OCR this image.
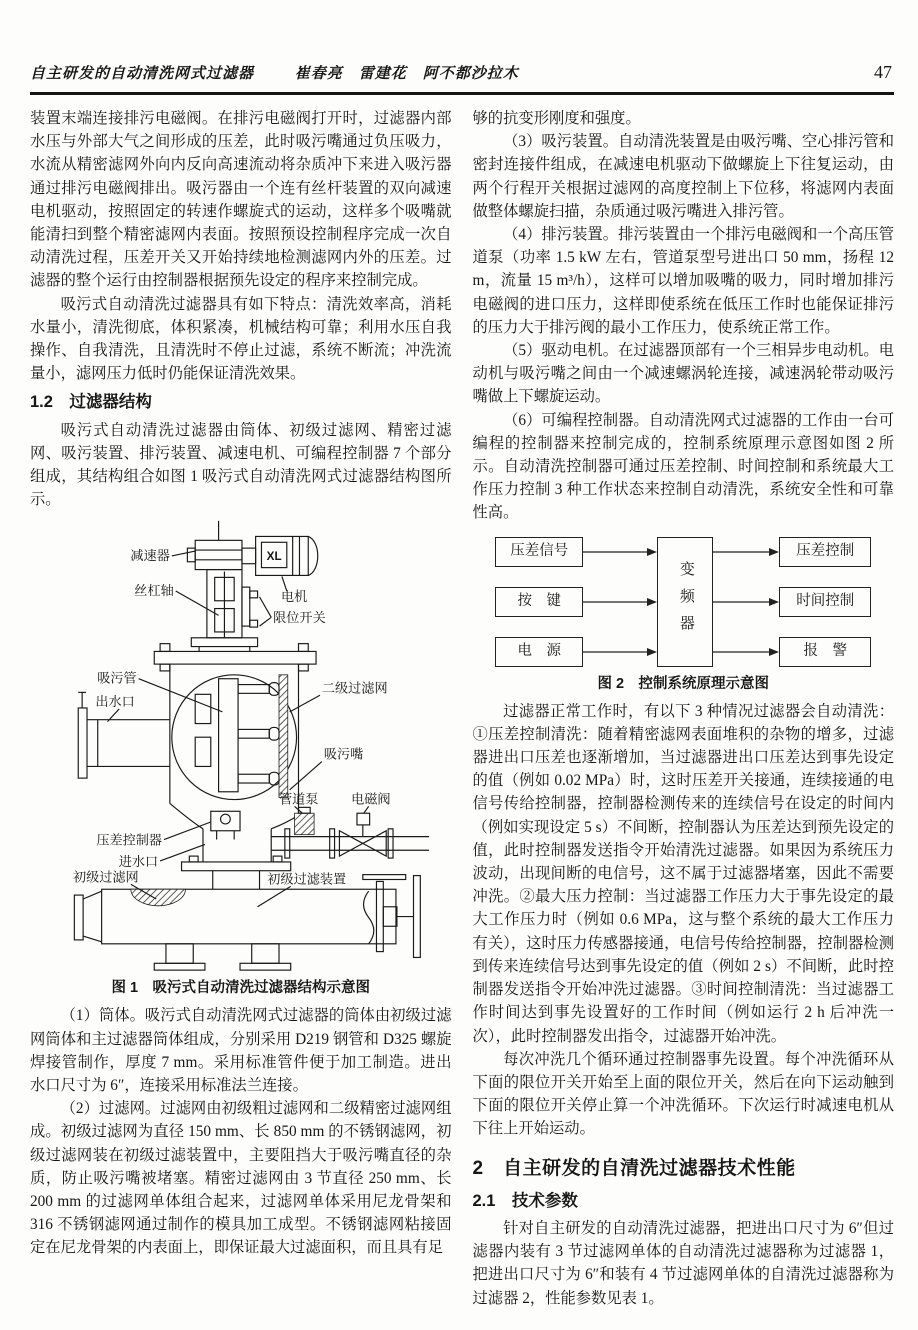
自主研发的自动清洗网式过滤器	崔春亮　雷建花　阿不都沙拉木	47

装置末端连接排污电磁阀。在排污电磁阀打开时，过滤器内部水压与外部大气之间形成的压差，此时吸污嘴通过负压吸力，水流从精密滤网外向内反向高速流动将杂质冲下来进入吸污器通过排污电磁阀排出。吸污器由一个连有丝杆装置的双向减速电机驱动，按照固定的转速作螺旋式的运动，这样多个吸嘴就能清扫到整个精密滤网内表面。按照预设控制程序完成一次自动清洗过程，压差开关又开始持续地检测滤网内外的压差。过滤器的整个运行由控制器根据预先设定的程序来控制完成。

吸污式自动清洗过滤器具有如下特点：清洗效率高，消耗水量小，清洗彻底，体积紧凑，机械结构可靠；利用水压自我操作、自我清洗，且清洗时不停止过滤，系统不断流；冲洗流量小，滤网压力低时仍能保证清洗效果。

1.2　过滤器结构

吸污式自动清洗过滤器由筒体、初级过滤网、精密过滤网、吸污装置、排污装置、减速电机、可编程控制器 7 个部分组成，其结构组合如图 1 吸污式自动清洗网式过滤器结构图所示。

XL
减速器
电机
丝杠轴
限位开关
吸污管
二级过滤网
吸污嘴
出水口
压差控制器
进水口
管道泵 电磁阀
初级过滤网	初级过滤装置
图 1　吸污式自动清洗过滤器结构示意图

（1）筒体。吸污式自动清洗网式过滤器的筒体由初级过滤网筒体和主过滤器筒体组成，分别采用 D219 钢管和 D325 螺旋焊接管制作，厚度 7 mm。采用标准管件便于加工制造。进出水口尺寸为 6″，连接采用标准法兰连接。

（2）过滤网。过滤网由初级粗过滤网和二级精密过滤网组成。初级过滤网为直径 150 mm、长 850 mm 的不锈钢滤网，初级过滤网装在初级过滤装置中，主要阻挡大于吸污嘴直径的杂质，防止吸污嘴被堵塞。精密过滤网由 3 节直径 250 mm、长 200 mm 的过滤网单体组合起来，过滤网单体采用尼龙骨架和 316 不锈钢滤网通过制作的模具加工成型。不锈钢滤网粘接固定在尼龙骨架的内表面上，即保证最大过滤面积，而且具有足

够的抗变形刚度和强度。

（3）吸污装置。自动清洗装置是由吸污嘴、空心排污管和密封连接件组成，在减速电机驱动下做螺旋上下往复运动，由两个行程开关根据过滤网的高度控制上下位移，将滤网内表面做整体螺旋扫描，杂质通过吸污嘴进入排污管。

（4）排污装置。排污装置由一个排污电磁阀和一个高压管道泵（功率 1.5 kW 左右，管道泵型号进出口 50 mm，扬程 12 m，流量 15 m³/h），这样可以增加吸嘴的吸力，同时增加排污电磁阀的进口压力，这样即使系统在低压工作时也能保证排污的压力大于排污阀的最小工作压力，使系统正常工作。

（5）驱动电机。在过滤器顶部有一个三相异步电动机。电动机与吸污嘴之间由一个减速螺涡轮连接，减速涡轮带动吸污嘴做上下螺旋运动。

（6）可编程控制器。自动清洗网式过滤器的工作由一台可编程的控制器来控制完成的，控制系统原理示意图如图 2 所示。自动清洗控制器可通过压差控制、时间控制和系统最大工作压力控制 3 种工作状态来控制自动清洗，系统安全性和可靠性高。

压差信号
按　键
电　源
变频器
压差控制
时间控制
报　警
图 2　控制系统原理示意图

过滤器正常工作时，有以下 3 种情况过滤器会自动清洗：①压差控制清洗：随着精密滤网表面堆积的杂物的增多，过滤器进出口压差也逐渐增加，当过滤器进出口压差达到事先设定的值（例如 0.02 MPa）时，这时压差开关接通，连续接通的电信号传给控制器，控制器检测传来的连续信号在设定的时间内（例如实现设定 5 s）不间断，控制器认为压差达到预先设定的值，此时控制器发送指令开始清洗过滤器。如果因为系统压力波动，出现间断的电信号，这不属于过滤器堵塞，因此不需要冲洗。②最大压力控制：当过滤器工作压力大于事先设定的最大工作压力时（例如 0.6 MPa，这与整个系统的最大工作压力有关），这时压力传感器接通，电信号传给控制器，控制器检测到传来连续信号达到事先设定的值（例如 2 s）不间断，此时控制器发送指令开始冲洗过滤器。③时间控制清洗：当过滤器工作时间达到事先设置好的工作时间（例如运行 2 h 后冲洗一次），此时控制器发出指令，过滤器开始冲洗。

每次冲洗几个循环通过控制器事先设置。每个冲洗循环从下面的限位开关开始至上面的限位开关，然后在向下运动触到下面的限位开关停止算一个冲洗循环。下次运行时减速电机从下往上开始运动。

2　自主研发的自清洗过滤器技术性能
2.1　技术参数

针对自主研发的自动清洗过滤器，把进出口尺寸为 6″但过滤器内装有 3 节过滤网单体的自动清洗过滤器称为过滤器 1，把进出口尺寸为 6″和装有 4 节过滤网单体的自清洗过滤器称为过滤器 2，性能参数见表 1。
